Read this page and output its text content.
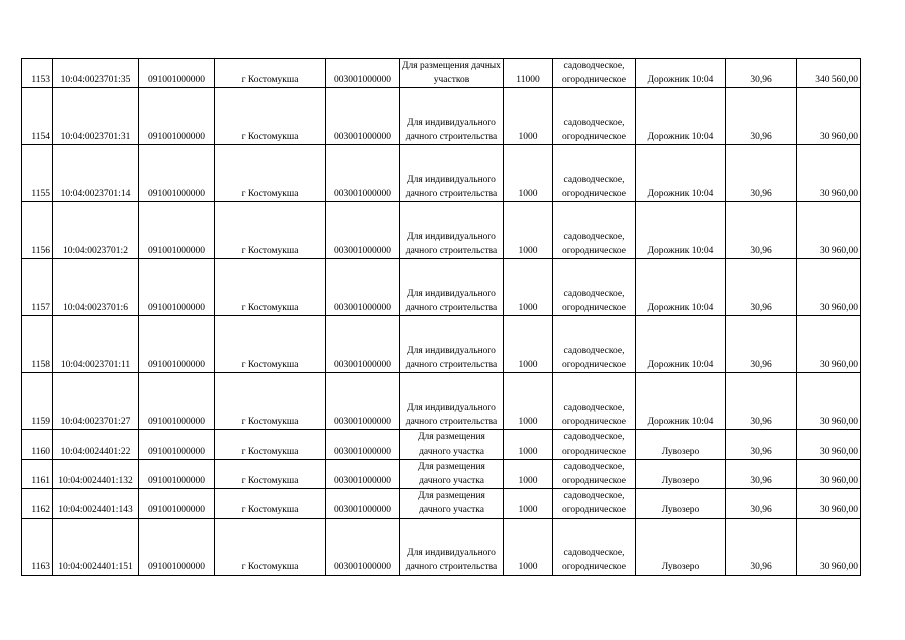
1153	10:04:0023701:35	091001000000	г Костомукша	003001000000	Для размещения дачных участков	11000	садоводческое, огородническое	Дорожник 10:04	30,96	340 560,00
1154	10:04:0023701:31	091001000000	г Костомукша	003001000000	Для индивидуального дачного строительства	1000	садоводческое, огородническое	Дорожник 10:04	30,96	30 960,00
1155	10:04:0023701:14	091001000000	г Костомукша	003001000000	Для индивидуального дачного строительства	1000	садоводческое, огородническое	Дорожник 10:04	30,96	30 960,00
1156	10:04:0023701:2	091001000000	г Костомукша	003001000000	Для индивидуального дачного строительства	1000	садоводческое, огородническое	Дорожник 10:04	30,96	30 960,00
1157	10:04:0023701:6	091001000000	г Костомукша	003001000000	Для индивидуального дачного строительства	1000	садоводческое, огородническое	Дорожник 10:04	30,96	30 960,00
1158	10:04:0023701:11	091001000000	г Костомукша	003001000000	Для индивидуального дачного строительства	1000	садоводческое, огородническое	Дорожник 10:04	30,96	30 960,00
1159	10:04:0023701:27	091001000000	г Костомукша	003001000000	Для индивидуального дачного строительства	1000	садоводческое, огородническое	Дорожник 10:04	30,96	30 960,00
1160	10:04:0024401:22	091001000000	г Костомукша	003001000000	Для размещения дачного участка	1000	садоводческое, огородническое	Лувозеро	30,96	30 960,00
1161	10:04:0024401:132	091001000000	г Костомукша	003001000000	Для размещения дачного участка	1000	садоводческое, огородническое	Лувозеро	30,96	30 960,00
1162	10:04:0024401:143	091001000000	г Костомукша	003001000000	Для размещения дачного участка	1000	садоводческое, огородническое	Лувозеро	30,96	30 960,00
1163	10:04:0024401:151	091001000000	г Костомукша	003001000000	Для индивидуального дачного строительства	1000	садоводческое, огородническое	Лувозеро	30,96	30 960,00
